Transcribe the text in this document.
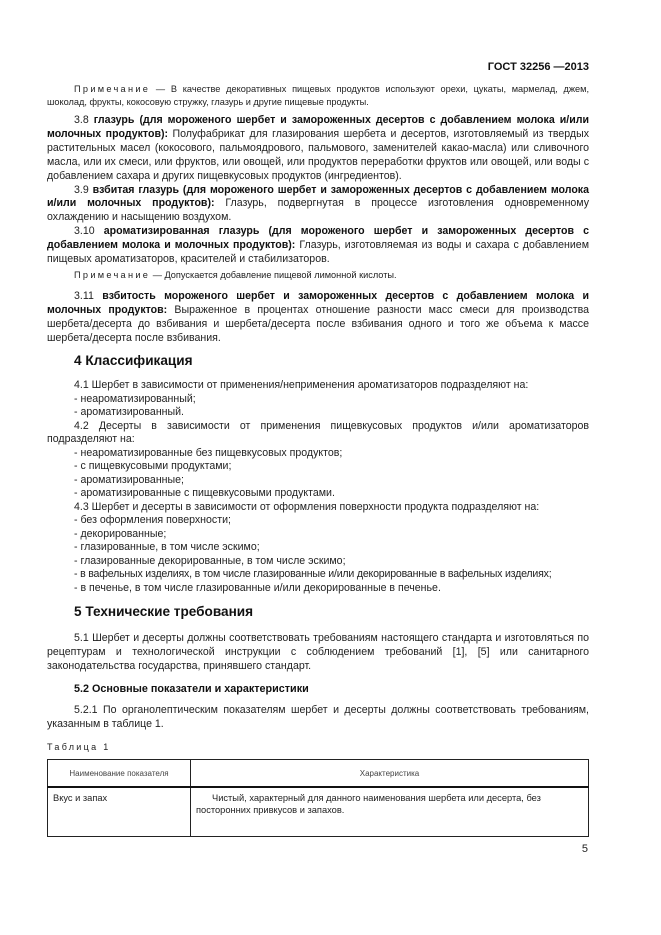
ГОСТ 32256 —2013

Примечание — В качестве декоративных пищевых продуктов используют орехи, цукаты, мармелад, джем, шоколад, фрукты, кокосовую стружку, глазурь и другие пищевые продукты.

3.8 глазурь (для мороженого шербет и замороженных десертов с добавлением молока и/или молочных продуктов): Полуфабрикат для глазирования шербета и десертов, изготовляемый из твердых растительных масел (кокосового, пальмоядрового, пальмового, заменителей какао-масла) или сливочного масла, или их смеси, или фруктов, или овощей, или продуктов переработки фруктов или овощей, или воды с добавлением сахара и других пищевкусовых продуктов (ингредиентов).

3.9 взбитая глазурь (для мороженого шербет и замороженных десертов с добавлением молока и/или молочных продуктов): Глазурь, подвергнутая в процессе изготовления одновременному охлаждению и насыщению воздухом.

3.10 ароматизированная глазурь (для мороженого шербет и замороженных десертов с добавлением молока и молочных продуктов): Глазурь, изготовляемая из воды и сахара с добавлением пищевых ароматизаторов, красителей и стабилизаторов.

Примечание — Допускается добавление пищевой лимонной кислоты.

3.11 взбитость мороженого шербет и замороженных десертов с добавлением молока и молочных продуктов: Выраженное в процентах отношение разности масс смеси для производства шербета/десерта до взбивания и шербета/десерта после взбивания одного и того же объема к массе шербета/десерта после взбивания.

4 Классификация

4.1 Шербет в зависимости от применения/неприменения ароматизаторов подразделяют на:

- неароматизированный;

- ароматизированный.

4.2 Десерты в зависимости от применения пищевкусовых продуктов и/или ароматизаторов подразделяют на:

- неароматизированные без пищевкусовых продуктов;

- с пищевкусовыми продуктами;

- ароматизированные;

- ароматизированные с пищевкусовыми продуктами.

4.3 Шербет и десерты в зависимости от оформления поверхности продукта подразделяют на:

- без оформления поверхности;

- декорированные;

- глазированные, в том числе эскимо;

- глазированные декорированные, в том числе эскимо;

- в вафельных изделиях, в том числе глазированные и/или декорированные в вафельных изделиях;

- в печенье, в том числе глазированные и/или декорированные в печенье.

5 Технические требования

5.1 Шербет и десерты должны соответствовать требованиям настоящего стандарта и изготовляться по рецептурам и технологической инструкции с соблюдением требований [1], [5] или санитарного законодательства государства, принявшего стандарт.

5.2 Основные показатели и характеристики

5.2.1 По органолептическим показателям шербет и десерты должны соответствовать требованиям, указанным в таблице 1.

Таблица 1
Наименование показателя	Характеристика
Вкус и запах	Чистый, характерный для данного наименования шербета или десерта, без посторонних привкусов и запахов.
5
